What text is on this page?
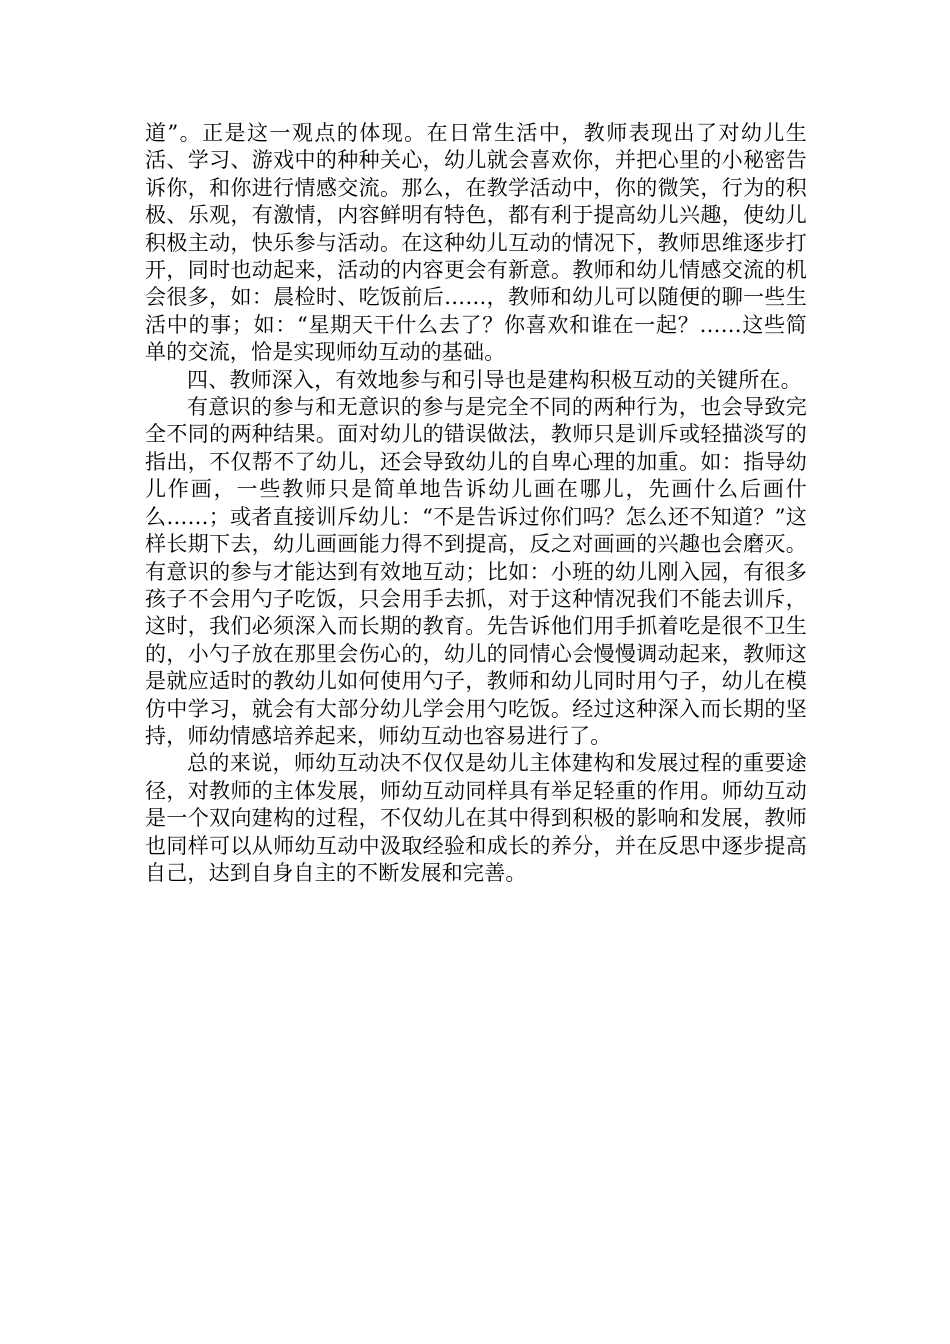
道”。正是这一观点的体现。在日常生活中，教师表现出了对幼儿生活、学习、游戏中的种种关心，幼儿就会喜欢你，并把心里的小秘密告诉你，和你进行情感交流。那么，在教学活动中，你的微笑，行为的积极、乐观，有激情，内容鲜明有特色，都有利于提高幼儿兴趣，使幼儿积极主动，快乐参与活动。在这种幼儿互动的情况下，教师思维逐步打开，同时也动起来，活动的内容更会有新意。教师和幼儿情感交流的机会很多，如：晨检时、吃饭前后……，教师和幼儿可以随便的聊一些生活中的事；如：“星期天干什么去了？你喜欢和谁在一起？……这些简单的交流，恰是实现师幼互动的基础。

四、教师深入，有效地参与和引导也是建构积极互动的关键所在。

有意识的参与和无意识的参与是完全不同的两种行为，也会导致完全不同的两种结果。面对幼儿的错误做法，教师只是训斥或轻描淡写的指出，不仅帮不了幼儿，还会导致幼儿的自卑心理的加重。如：指导幼儿作画，一些教师只是简单地告诉幼儿画在哪儿，先画什么后画什么……；或者直接训斥幼儿：“不是告诉过你们吗？怎么还不知道？”这样长期下去，幼儿画画能力得不到提高，反之对画画的兴趣也会磨灭。有意识的参与才能达到有效地互动；比如：小班的幼儿刚入园，有很多孩子不会用勺子吃饭，只会用手去抓，对于这种情况我们不能去训斥，这时，我们必须深入而长期的教育。先告诉他们用手抓着吃是很不卫生的，小勺子放在那里会伤心的，幼儿的同情心会慢慢调动起来，教师这是就应适时的教幼儿如何使用勺子，教师和幼儿同时用勺子，幼儿在模仿中学习，就会有大部分幼儿学会用勺吃饭。经过这种深入而长期的坚持，师幼情感培养起来，师幼互动也容易进行了。

总的来说，师幼互动决不仅仅是幼儿主体建构和发展过程的重要途径，对教师的主体发展，师幼互动同样具有举足轻重的作用。师幼互动是一个双向建构的过程，不仅幼儿在其中得到积极的影响和发展，教师也同样可以从师幼互动中汲取经验和成长的养分，并在反思中逐步提高自己，达到自身自主的不断发展和完善。
